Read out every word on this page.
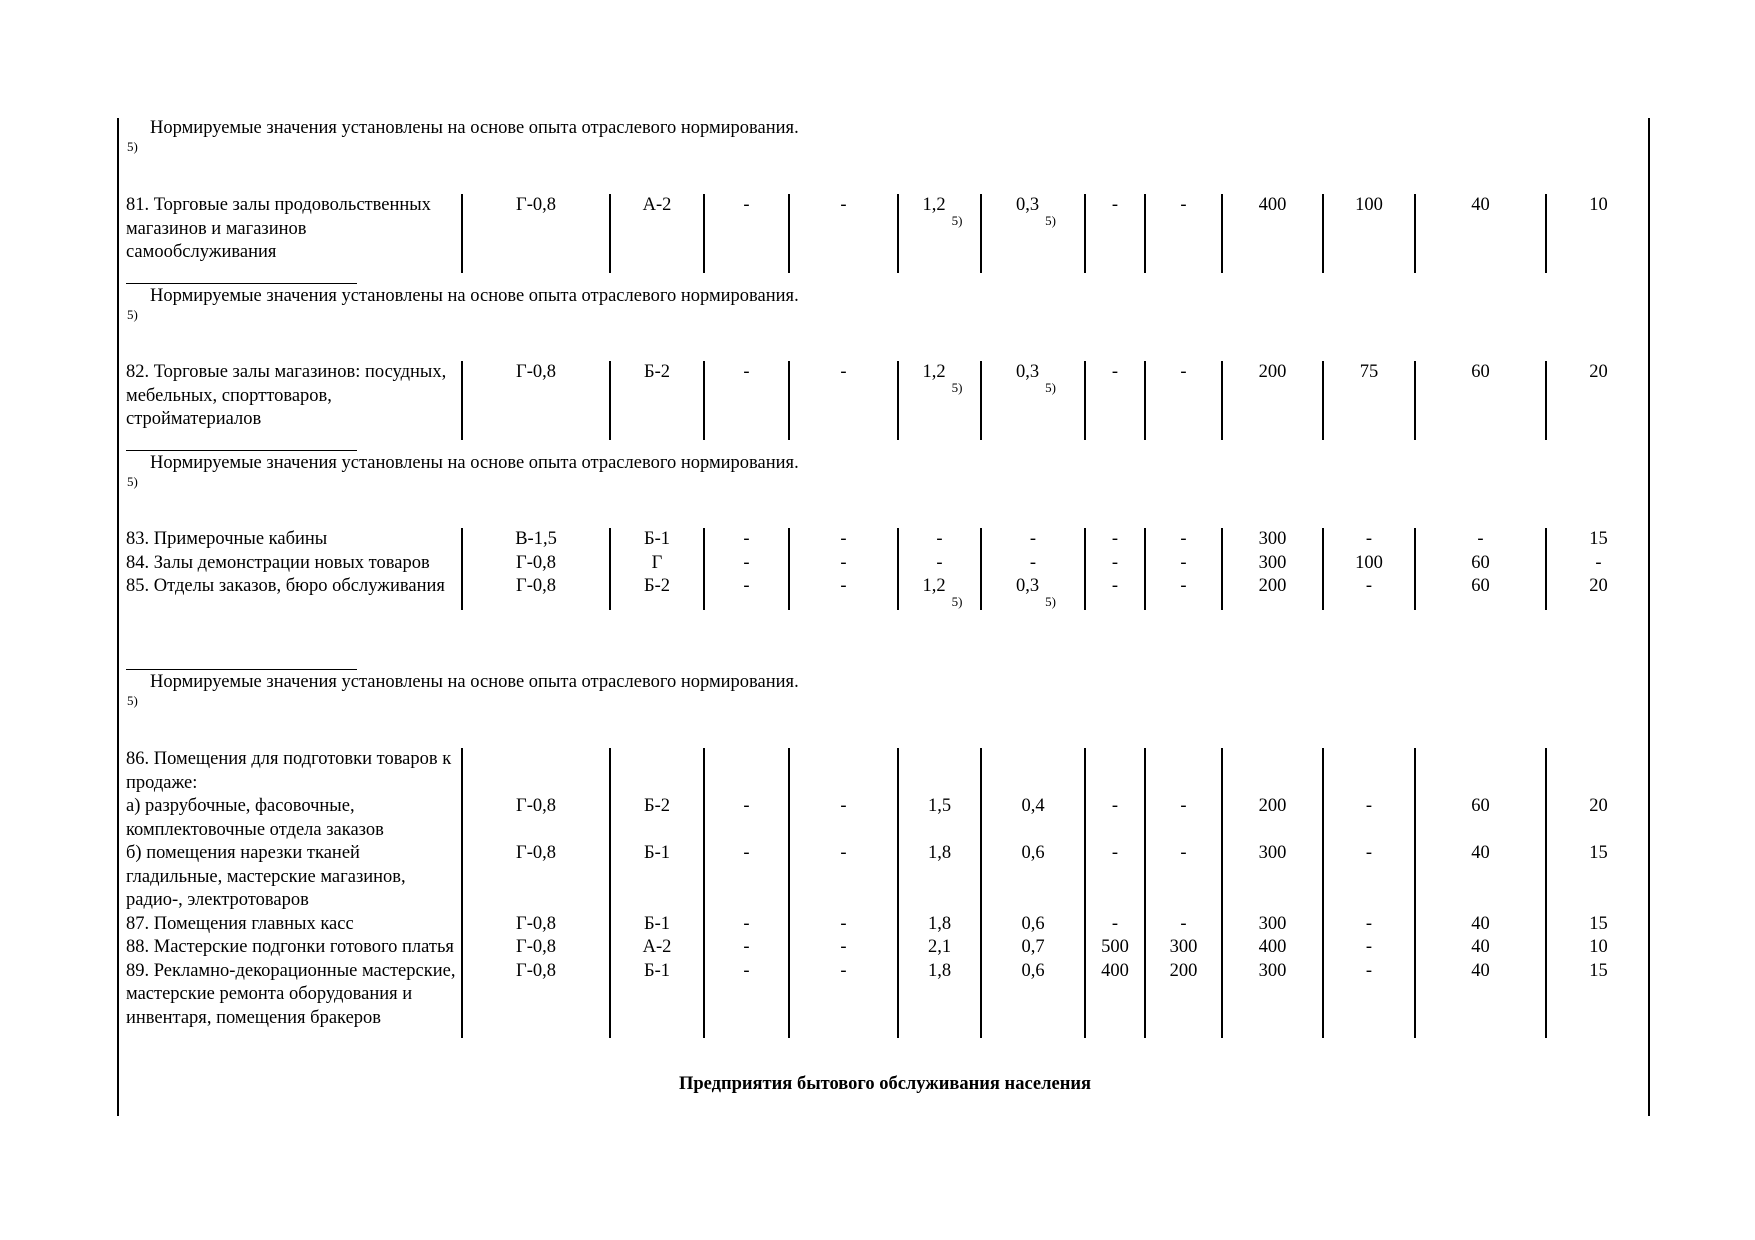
Нормируемые значения установлены на основе опыта отраслевого нормирования.
5)
81. Торговые залы продовольственных магазинов и магазинов самообслуживания	Г-0,8	А-2	-	-	1,2$^{5)}$	0,3$^{5)}$	-	-	400	100	40	10
Нормируемые значения установлены на основе опыта отраслевого нормирования.
5)
82. Торговые залы магазинов: посудных, мебельных, спорттоваров, стройматериалов	Г-0,8	Б-2	-	-	1,2$^{5)}$	0,3$^{5)}$	-	-	200	75	60	20
Нормируемые значения установлены на основе опыта отраслевого нормирования.
5)
83. Примерочные кабины	В-1,5	Б-1	-	-	-	-	-	-	300	-	-	15
84. Залы демонстрации новых товаров	Г-0,8	Г	-	-	-	-	-	-	300	100	60	-
85. Отделы заказов, бюро обслуживания	Г-0,8	Б-2	-	-	1,2$^{5)}$	0,3$^{5)}$	-	-	200	-	60	20
Нормируемые значения установлены на основе опыта отраслевого нормирования.
5)
86. Помещения для подготовки товаров к продаже:												
а) разрубочные, фасовочные, комплектовочные отдела заказов	Г-0,8	Б-2	-	-	1,5	0,4	-	-	200	-	60	20
б) помещения нарезки тканей гладильные, мастерские магазинов, радио-, электротоваров	Г-0,8	Б-1	-	-	1,8	0,6	-	-	300	-	40	15
87. Помещения главных касс	Г-0,8	Б-1	-	-	1,8	0,6	-	-	300	-	40	15
88. Мастерские подгонки готового платья	Г-0,8	А-2	-	-	2,1	0,7	500	300	400	-	40	10
89. Рекламно-декорационные мастерские, мастерские ремонта оборудования и инвентаря, помещения бракеров	Г-0,8	Б-1	-	-	1,8	0,6	400	200	300	-	40	15
Предприятия бытового обслуживания населения
